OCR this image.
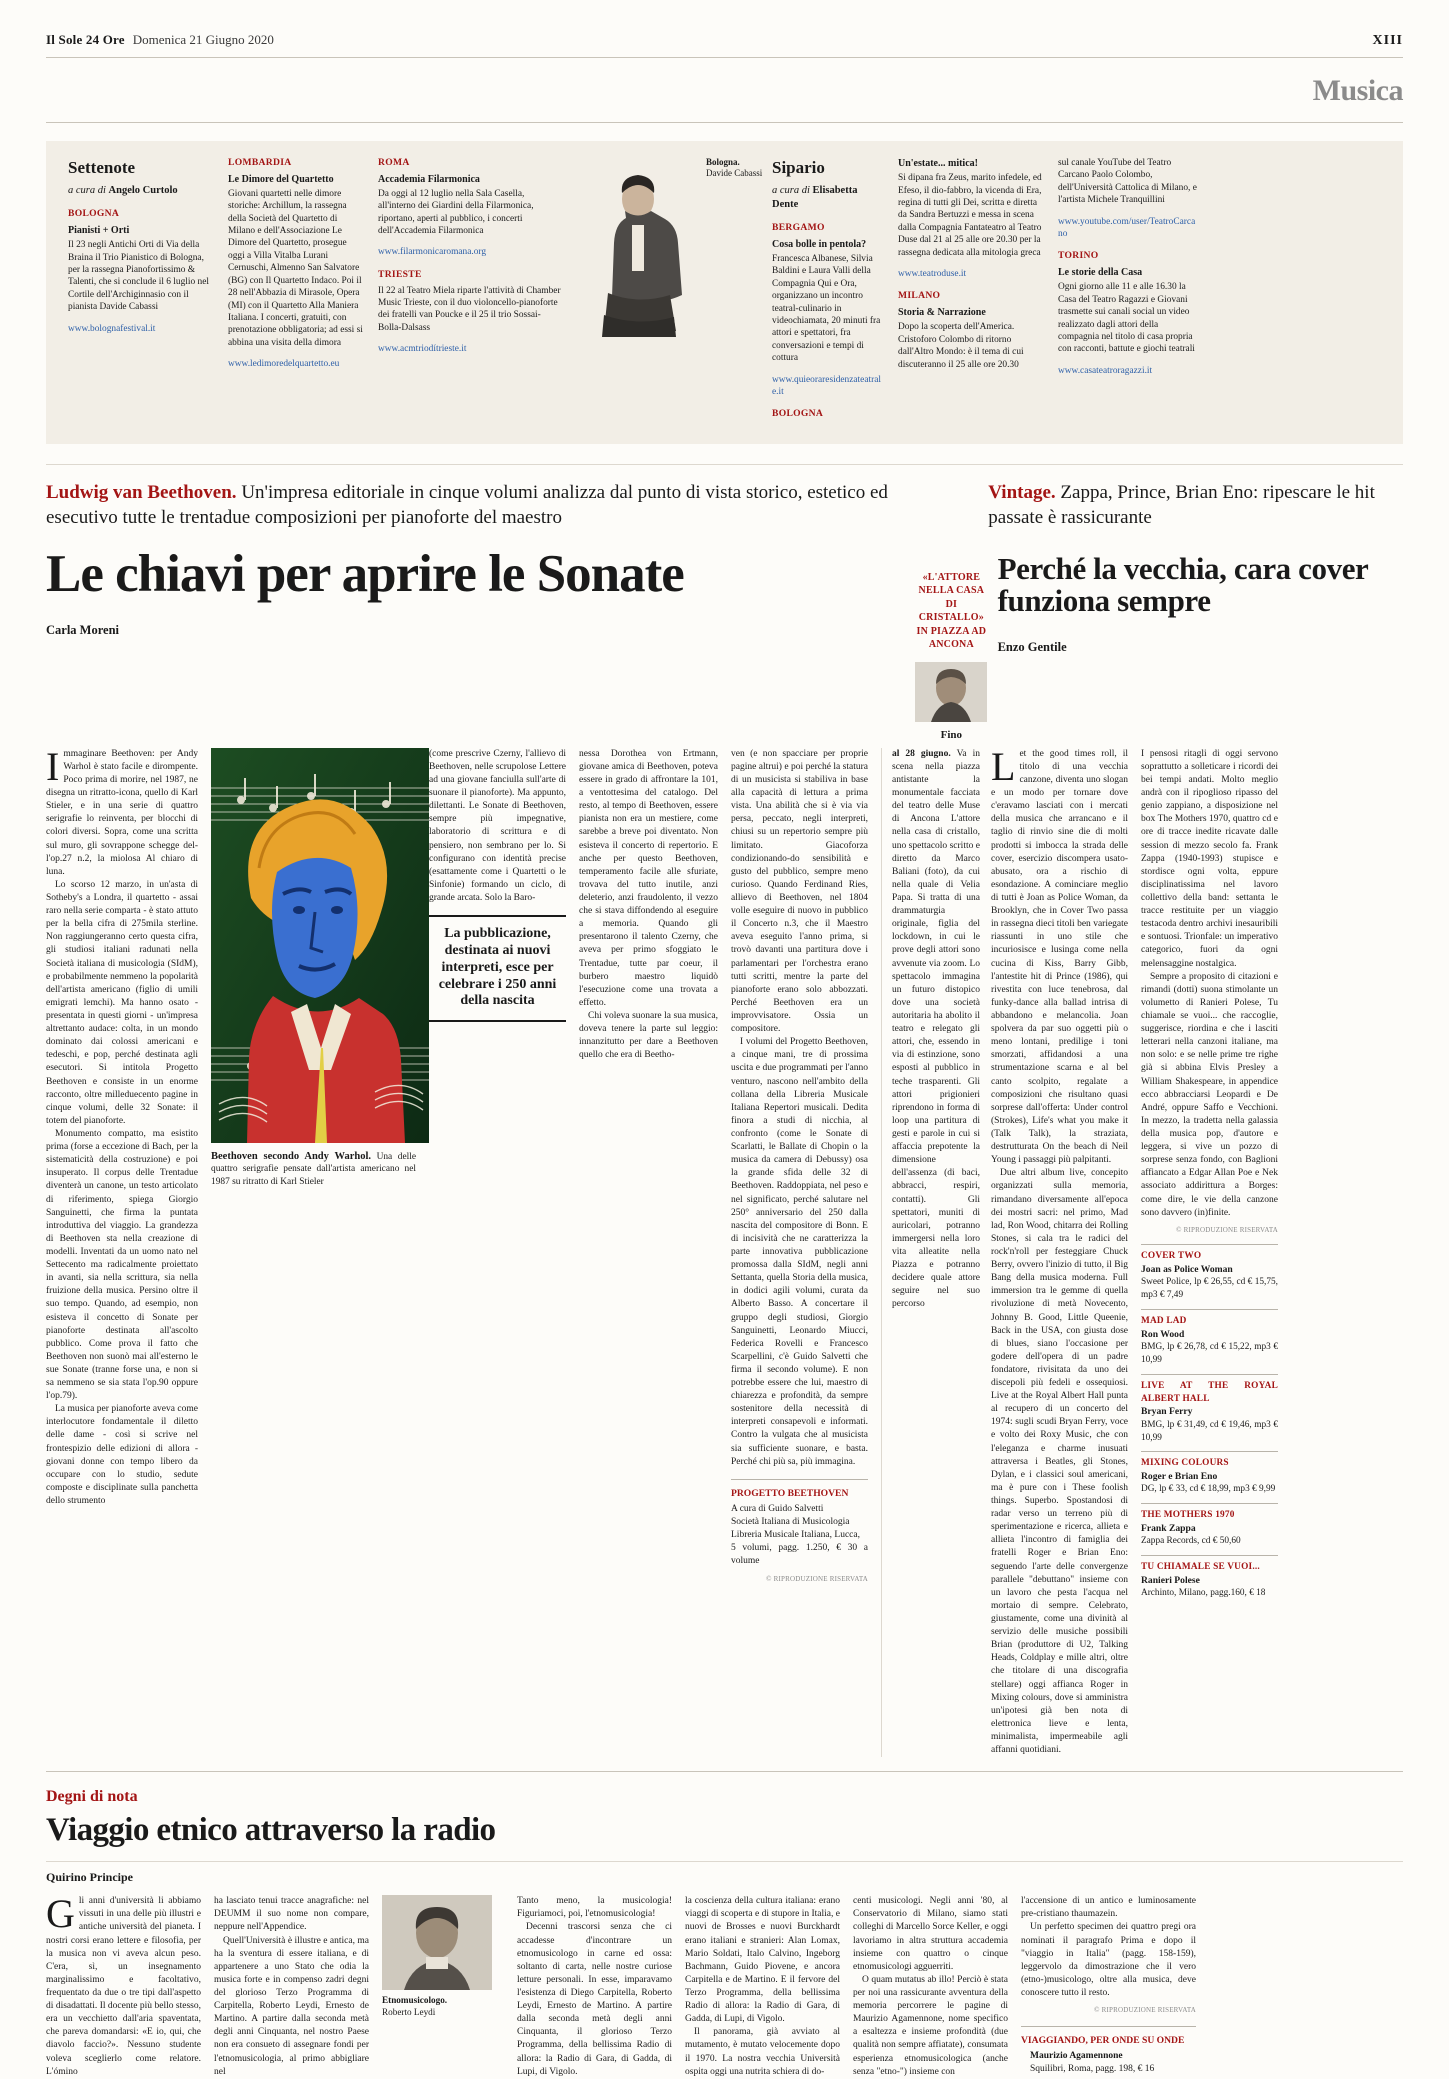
Il Sole 24 Ore Domenica 21 Giugno 2020	XIII
Musica
Settenote
a cura di Angelo Curtolo
BOLOGNA
Pianisti + Orti

Il 23 negli Antichi Orti di Via della Braina il Trio Pianistico di Bologna, per la rassegna Pianofortissimo & Talenti, che si conclude il 6 luglio nel Cortile dell'Archiginnasio con il pianista Davide Cabassi

www.bolognafestival.it
LOMBARDIA
Le Dimore del Quartetto

Giovani quartetti nelle dimore storiche: Archillum, la rassegna della Società del Quartetto di Milano e dell'Associazione Le Dimore del Quartetto, prosegue oggi a Villa Vitalba Lurani Cernuschi, Almenno San Salvatore (BG) con Il Quartetto Indaco. Poi il 28 nell'Abbazia di Mirasole, Opera (MI) con il Quartetto Alla Maniera Italiana. I concerti, gratuiti, con prenotazione obbligatoria; ad essi si abbina una visita della dimora

www.ledimoredelquartetto.eu
ROMA
Accademia Filarmonica

Da oggi al 12 luglio nella Sala Casella, all'interno dei Giardini della Filarmonica, riportano, aperti al pubblico, i concerti dell'Accademia Filarmonica

www.filarmonicaromana.org
TRIESTE

Il 22 al Teatro Miela riparte l'attività di Chamber Music Trieste, con il duo violoncello-pianoforte dei fratelli van Poucke e il 25 il trio Sossai-Bolla-Dalsass

www.acmtriodítrieste.it
Bologna.
Davide Cabassi Sipario
a cura di Elisabetta Dente
BERGAMO
Cosa bolle in pentola?

Francesca Albanese, Silvia Baldini e Laura Valli della Compagnia Qui e Ora, organizzano un incontro teatral-culinario in videochiamata, 20 minuti fra attori e spettatori, fra conversazioni e tempi di cottura

www.quieoraresidenzateatrale.it
BOLOGNA
Un'estate... mitica!

Si dipana fra Zeus, marito infedele, ed Efeso, il dio-fabbro, la vicenda di Era, regina di tutti gli Dei, scritta e diretta da Sandra Bertuzzi e messa in scena dalla Compagnia Fantateatro al Teatro Duse dal 21 al 25 alle ore 20.30 per la rassegna dedicata alla mitologia greca

www.teatrodusе.it
MILANO
Storia & Narrazione

Dopo la scoperta dell'America. Cristoforo Colombo di ritorno dall'Altro Mondo: è il tema di cui discuteranno il 25 alle ore 20.30

sul canale YouTube del Teatro Carcano Paolo Colombo, dell'Università Cattolica di Milano, e l'artista Michele Tranquillini

www.youtube.com/user/TeatroCarcano
TORINO
Le storie della Casa

Ogni giorno alle 11 e alle 16.30 la Casa del Teatro Ragazzi e Giovani trasmette sui canali social un video realizzato dagli attori della compagnia nel titolo di casa propria con racconti, battute e giochi teatrali

www.casateatroragazzi.it
Ludwig van Beethoven. Un'impresa editoriale in cinque volumi analizza dal punto di vista storico, estetico ed esecutivo tutte le trentadue composizioni per pianoforte del maestro
Vintage. Zappa, Prince, Brian Eno: ripescare le hit passate è rassicurante
Le chiavi per aprire le Sonate
Carla Moreni
«L'ATTORE NELLA CASA DI CRISTALLO» IN PIAZZA AD ANCONA
Fino
Perché la vecchia, cara cover funziona sempre
Enzo Gentile

Immaginare Beethoven: per Andy Warhol è stato facile e dirompente. Poco prima di morire, nel 1987, ne disegna un ritratto-icona, quello di Karl Stieler, e in una serie di quattro serigrafie lo reinventa, per blocchi di colori diversi. Sopra, come una scritta sul muro, gli sovrappone schegge del-l'op.27 n.2, la miolosa Al chiaro di luna.

Lo scorso 12 marzo, in un'asta di Sotheby's a Londra, il quartetto - assai raro nella serie comparta - è stato attuto per la bella cifra di 275mila sterline. Non raggiungeranno certo questa cifra, gli studiosi italiani radunati nella Società italiana di musicologia (SIdM), e probabilmente nemmeno la popolarità dell'artista americano (figlio di umili emigrati lemchi). Ma hanno osato - presentata in questi giorni - un'impresa altrettanto audace: colta, in un mondo dominato dai colossi americani e tedeschi, e pop, perché destinata agli esecutori. Si intitola Progetto Beethoven e consiste in un enorme racconto, oltre milleduecento pagine in cinque volumi, delle 32 Sonate: il totem del pianoforte.

Monumento compatto, ma esistito prima (forse a eccezione di Bach, per la sistematicità della costruzione) e poi insuperato. Il corpus delle Trentadue diventerà un canone, un testo articolato di riferimento, spiega Giorgio Sanguinetti, che firma la puntata introduttiva del viaggio. La grandezza di Beethoven sta nella creazione di modelli. Inventati da un uomo nato nel Settecento ma radicalmente proiettato in avanti, sia nella scrittura, sia nella fruizione della musica. Persino oltre il suo tempo. Quando, ad esempio, non esisteva il concetto di Sonate per pianoforte destinata all'ascolto pubblico. Come prova il fatto che Beethoven non suonò mai all'esterno le sue Sonate (tranne forse una, e non si sa nemmeno se sia stata l'op.90 oppure l'op.79).

La musica per pianoforte aveva come interlocutore fondamentale il diletto delle dame - così si scrive nel frontespizio delle edizioni di allora - giovani donne con tempo libero da occupare con lo studio, sedute composte e disciplinate sulla panchetta dello strumento

Beethoven secondo Andy Warhol. Una delle quattro serigrafie pensate dall'artista americano nel 1987 su ritratto di Karl Stieler

(come prescrive Czerny, l'allievo di Beethoven, nelle scrupolose Lettere ad una giovane fanciulla sull'arte di suonare il pianoforte). Ma appunto, dilettanti. Le Sonate di Beethoven, sempre più impegnative, laboratorio di scrittura e di pensiero, non sembrano per lo. Si configurano con identità precise (esattamente come i Quartetti o le Sinfonie) formando un ciclo, di grande arcata. Solo la Baro-

La pubblicazione, destinata ai nuovi interpreti, esce per celebrare i 250 anni della nascita

nessa Dorothea von Ertmann, giovane amica di Beethoven, poteva essere in grado di affrontare la 101, a ventottesima del catalogo. Del resto, al tempo di Beethoven, essere pianista non era un mestiere, come sarebbe a breve poi diventato. Non esisteva il concerto di repertorio. E anche per questo Beethoven, temperamento facile alle sfuriate, trovava del tutto inutile, anzi deleterio, anzi fraudolento, il vezzo che si stava diffondendo al eseguire a memoria. Quando gli presentarono il talento Czerny, che aveva per primo sfoggiato le Trentadue, tutte par coeur, il burbero maestro liquidò l'esecuzione come una trovata a effetto.

Chi voleva suonare la sua musica, doveva tenere la parte sul leggio: innanzitutto per dare a Beethoven quello che era di Beetho-

ven (e non spacciare per proprie pagine altrui) e poi perché la statura di un musicista si stabiliva in base alla capacità di lettura a prima vista. Una abilità che si è via via persa, peccato, negli interpreti, chiusi su un repertorio sempre più limitato. Giacoforza condizionando-do sensibilità e gusto del pubblico, sempre meno curioso. Quando Ferdinand Ries, allievo di Beethoven, nel 1804 volle eseguire di nuovo in pubblico il Concerto n.3, che il Maestro aveva eseguito l'anno prima, si trovò davanti una partitura dove i parlamentari per l'orchestra erano tutti scritti, mentre la parte del pianoforte erano solo abbozzati. Perché Beethoven era un improvvisatore. Ossia un compositore.

I volumi del Progetto Beethoven, a cinque mani, tre di prossima uscita e due programmati per l'anno venturo, nascono nell'ambito della collana della Libreria Musicale Italiana Repertori musicali. Dedita finora a studi di nicchia, al confronto (come le Sonate di Scarlatti, le Ballate di Chopin o la musica da camera di Debussy) osa la grande sfida delle 32 di Beethoven. Raddoppiata, nel peso e nel significato, perché salutare nel 250° anniversario del 250 dalla nascita del compositore di Bonn. E di incisività che ne caratterizza la parte innovativa pubblicazione promossa dalla SIdM, negli anni Settanta, quella Storia della musica, in dodici agili volumi, curata da Alberto Basso. A concertare il gruppo degli studiosi, Giorgio Sanguinetti, Leonardo Miucci, Federica Rovelli e Francesco Scarpellini, c'è Guido Salvetti che firma il secondo volume). E non potrebbe essere che lui, maestro di chiarezza e profondità, da sempre sostenitore della necessità di interpreti consapevoli e informati. Contro la vulgata che al musicista sia sufficiente suonare, e basta. Perché chi più sa, più immagina.

PROGETTO BEETHOVEN

A cura di Guido Salvetti

Società Italiana di Musicologia

Libreria Musicale Italiana, Lucca,

5 volumi, pagg. 1.250, € 30 a volume

© RIPRODUZIONE RISERVATA

al 28 giugno. Va in scena nella piazza antistante la monumentale facciata del teatro delle Muse di Ancona L'attore nella casa di cristallo, uno spettacolo scritto e diretto da Marco Baliani (foto), da cui nella quale di Velia Papa. Si tratta di una drammaturgia originale, figlia del lockdown, in cui le prove degli attori sono avvenute via zoom. Lo spettacolo immagina un futuro distopico dove una società autoritaria ha abolito il teatro e relegato gli attori, che, essendo in via di estinzione, sono esposti al pubblico in teche trasparenti. Gli attori prigionieri riprendono in forma di loop una partitura di gesti e parole in cui si affaccia prepotente la dimensione dell'assenza (di baci, abbracci, respiri, contatti). Gli spettatori, muniti di auricolari, potranno immergersi nella loro vita alleatite nella Piazza e potranno decidere quale attore seguire nel suo percorso

Let the good times roll, il titolo di una vecchia canzone, diventa uno slogan e un modo per tornare dove c'eravamo lasciati con i mercati della musica che arrancano e il taglio di rinvio sine die di molti prodotti si imbocca la strada delle cover, esercizio discompera usato-abusato, ora a rischio di esondazione. A cominciare meglio di tutti è Joan as Police Woman, da Brooklyn, che in Cover Two passa in rassegna dieci titoli ben variegate riassunti in uno stile che incuriosisce e lusinga come nella cucina di Kiss, Barry Gibb, l'antestite hit di Prince (1986), qui rivestita con luce tenebrosa, dal funky-dance alla ballad intrisa di abbandono e melancolia. Joan spolvera da par suo oggetti più o meno lontani, predilige i toni smorzati, affidandosi a una strumentazione scarna e al bel canto scolpito, regalate a composizioni che risultano quasi sorprese dall'offerta: Under control (Strokes), Life's what you make it (Talk Talk), la straziata, destrutturata On the beach di Neil Young i passaggi più palpitanti.

Due altri album live, concepito organizzati sulla memoria, rimandano diversamente all'epoca dei mostri sacri: nel primo, Mad lad, Ron Wood, chitarra dei Rolling Stones, si cala tra le radici del rock'n'roll per festeggiare Chuck Berry, ovvero l'inizio di tutto, il Big Bang della musica moderna. Full immersion tra le gemme di quella rivoluzione di metà Novecento, Johnny B. Good, Little Queenie, Back in the USA, con giusta dose di blues, siano l'occasione per godere dell'opera di un padre fondatore, rivisitata da uno dei discepoli più fedeli e ossequiosi. Live at the Royal Albert Hall punta al recupero di un concerto del 1974: sugli scudi Bryan Ferry, voce e volto dei Roxy Music, che con l'eleganza e charme inusuati attraversa i Beatles, gli Stones, Dylan, e i classici soul americani, ma è pure con i These foolish things. Superbo. Spostandosi di radar verso un terreno più di sperimentazione e ricerca, allieta e allieta l'incontro di famiglia dei fratelli Roger e Brian Eno: seguendo l'arte delle convergenze parallele "debuttano" insieme con un lavoro che pesta l'acqua nel mortaio di sempre. Celebrato, giustamente, come una divinità al servizio delle musiche possibili Brian (produttore di U2, Talking Heads, Coldplay e mille altri, oltre che titolare di una discografia stellare) oggi affianca Roger in Mixing colours, dove si amministra un'ipotesi già ben nota di elettronica lieve e lenta, minimalista, impermeabile agli affanni quotidiani.

I pensosi ritagli di oggi servono soprattutto a solleticare i ricordi dei bei tempi andati. Molto meglio andrà con il ripoglioso ripasso del genio zappiano, a disposizione nel box The Mothers 1970, quattro cd e ore di tracce inedite ricavate dalle session di mezzo secolo fa. Frank Zappa (1940-1993) stupisce e stordisce ogni volta, eppure disciplinatissima nel lavoro collettivo della band: settanta le tracce restituite per un viaggio testacoda dentro archivi inesauribili e sontuosi. Trionfale: un imperativo categorico, fuori da ogni melensaggine nostalgica.

Sempre a proposito di citazioni e rimandi (dotti) suona stimolante un volumetto di Ranieri Polese, Tu chiamale se vuoi... che raccoglie, suggerisce, riordina e che i lasciti letterari nella canzoni italiane, ma non solo: e se nelle prime tre righe già si abbina Elvis Presley a William Shakespeare, in appendice ecco abbracciarsi Leopardi e De André, oppure Saffo e Vecchioni. In mezzo, la tradetta nella galassia della musica pop, d'autore e leggera, si vive un pozzo di sorprese senza fondo, con Baglioni affiancato a Edgar Allan Poe e Nek associato addirittura a Borges: come dire, le vie della canzone sono davvero (in)finite.

© RIPRODUZIONE RISERVATA
COVER TWO
Joan as Police Woman
Sweet Police, lp € 26,55, cd € 15,75, mp3 € 7,49
MAD LAD
Ron Wood
BMG, lp € 26,78, cd € 15,22, mp3 € 10,99
LIVE AT THE ROYAL ALBERT HALL
Bryan Ferry
BMG, lp € 31,49, cd € 19,46, mp3 € 10,99
MIXING COLOURS
Roger e Brian Eno
DG, lp € 33, cd € 18,99, mp3 € 9,99
THE MOTHERS 1970
Frank Zappa
Zappa Records, cd € 50,60
TU CHIAMALE SE VUOI...
Ranieri Polese
Archinto, Milano, pagg.160, € 18
Degni di nota
Viaggio etnico attraverso la radio
Quirino Principe

Gli anni d'università li abbiamo vissuti in una delle più illustri e antiche università del pianeta. I nostri corsi erano lettere e filosofia, per la musica non vi aveva alcun peso. C'era, sì, un insegnamento marginalissimo e facoltativo, frequentato da due o tre tipi dall'aspetto di disadattati. Il docente più bello stesso, era un vecchietto dall'aria spaventata, che pareva domandarsi: «E io, qui, che diavolo faccio?». Nessuno studente voleva sceglierlo come relatore. L'ómino

ha lasciato tenui tracce anagrafiche: nel DEUMM il suo nome non compare, neppure nell'Appendice.

Quell'Università è illustre e antica, ma ha la sventura di essere italiana, e di appartenere a uno Stato che odia la musica forte e in compenso zadri degni del glorioso Terzo Programma di Carpitella, Roberto Leydi, Ernesto de Martino. A partire dalla seconda metà degli anni Cinquanta, nel nostro Paese non era consueto di assegnare fondi per l'etnomusicologia, al primo abbigliare nel

Etnomusicologo.
Roberto Leydi

Tanto meno, la musicologia! Figuriamoci, poi, l'etnomusicologia!

Decenni trascorsi senza che ci accadesse d'incontrare un etnomusicologo in carne ed ossa: soltanto di carta, nelle nostre curiose letture personali. In esse, imparavamo l'esistenza di Diego Carpitella, Roberto Leydi, Ernesto de Martino. A partire dalla seconda metà degli anni Cinquanta, il glorioso Terzo Programma, della bellissima Radio di allora: la Radio di Gara, di Gadda, di Lupi, di Vigolo.

la coscienza della cultura italiana: erano viaggi di scoperta e di stupore in Italia, e nuovi de Brosses e nuovi Burckhardt erano italiani e stranieri: Alan Lomax, Mario Soldati, Italo Calvino, Ingeborg Bachmann, Guido Piovene, e ancora Carpitella e de Martino. E il fervore del Terzo Programma, della bellissima Radio di allora: la Radio di Gara, di Gadda, di Lupi, di Vigolo.

Il panorama, già avviato al mutamento, è mutato velocemente dopo il 1970. La nostra vecchia Università ospita oggi una nutrita schiera di do-

centi musicologi. Negli anni '80, al Conservatorio di Milano, siamo stati colleghi di Marcello Sorce Keller, e oggi lavoriamo in altra struttura accademia insieme con quattro o cinque etnomusicologi agguerriti.

O quam mutatus ab illo! Perciò è stata per noi una rassicurante avventura della memoria percorrere le pagine di Maurizio Agamennone, nome specifico a esaltezza e insieme profondità (due qualità non sempre affiatate), consumata esperienza etnomusicologica (anche senza "etno-") insieme con

l'accensione di un antico e luminosamente pre-cristiano thaumazein.

Un perfetto specimen dei quattro pregi ora nominati il paragrafo Prima e dopo il "viaggio in Italia" (pagg. 158-159), leggervolo da dimostrazione che il vero (etno-)musicologo, oltre alla musica, deve conoscere tutto il resto.

© RIPRODUZIONE RISERVATA
VIAGGIANDO, PER ONDE SU ONDE

Maurizio Agamennone

Squilibri, Roma, pagg. 198, € 16
